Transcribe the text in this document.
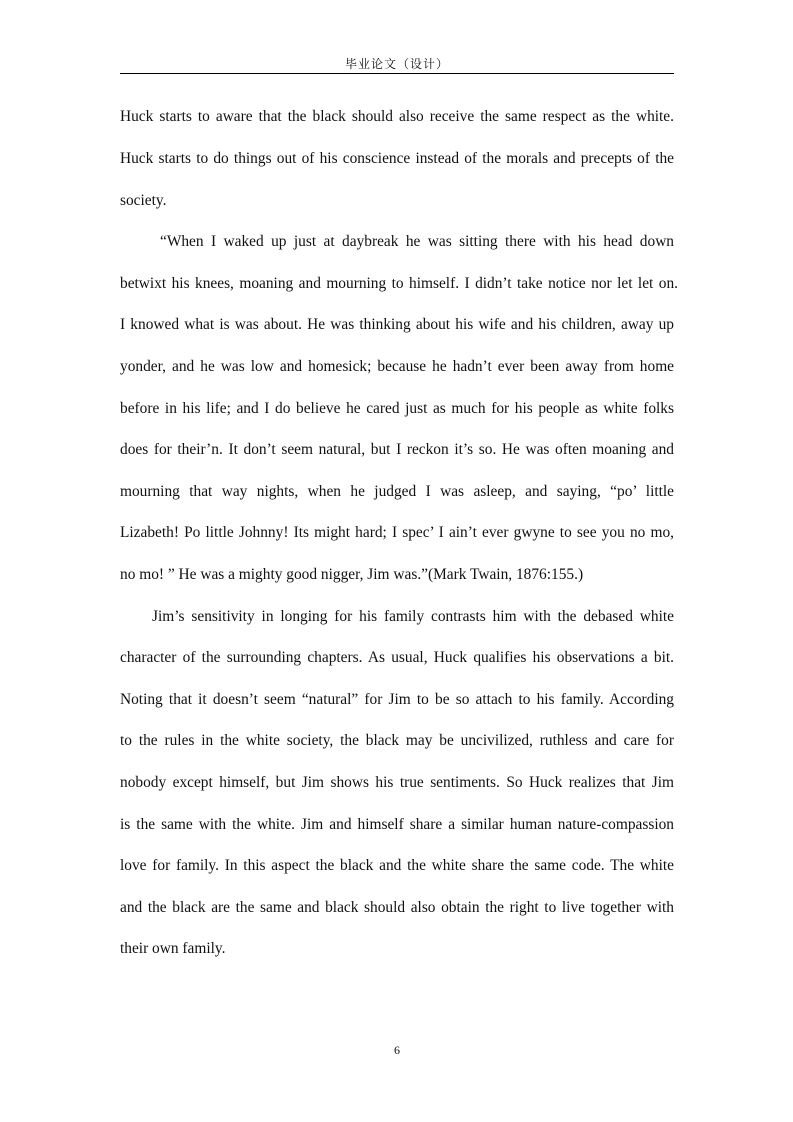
毕业论文（设计）
Huck starts to aware that the black should also receive the same respect as the white.
Huck starts to do things out of his conscience instead of the morals and precepts of the
society.
“When I waked up just at daybreak he was sitting there with his head down
betwixt his knees, moaning and mourning to himself. I didn’t take notice nor let let on.
I knowed what is was about. He was thinking about his wife and his children, away up
yonder, and he was low and homesick; because he hadn’t ever been away from home
before in his life; and I do believe he cared just as much for his people as white folks
does for their’n. It don’t seem natural, but I reckon it’s so. He was often moaning and
mourning that way nights, when he judged I was asleep, and saying, “po’ little
Lizabeth! Po little Johnny! Its might hard; I spec’ I ain’t ever gwyne to see you no mo,
no mo! ” He was a mighty good nigger, Jim was.”(Mark Twain, 1876:155.)
Jim’s sensitivity in longing for his family contrasts him with the debased white
character of the surrounding chapters. As usual, Huck qualifies his observations a bit.
Noting that it doesn’t seem “natural” for Jim to be so attach to his family. According
to the rules in the white society, the black may be uncivilized, ruthless and care for
nobody except himself, but Jim shows his true sentiments. So Huck realizes that Jim
is the same with the white. Jim and himself share a similar human nature-compassion
love for family. In this aspect the black and the white share the same code. The white
and the black are the same and black should also obtain the right to live together with
their own family.
6
